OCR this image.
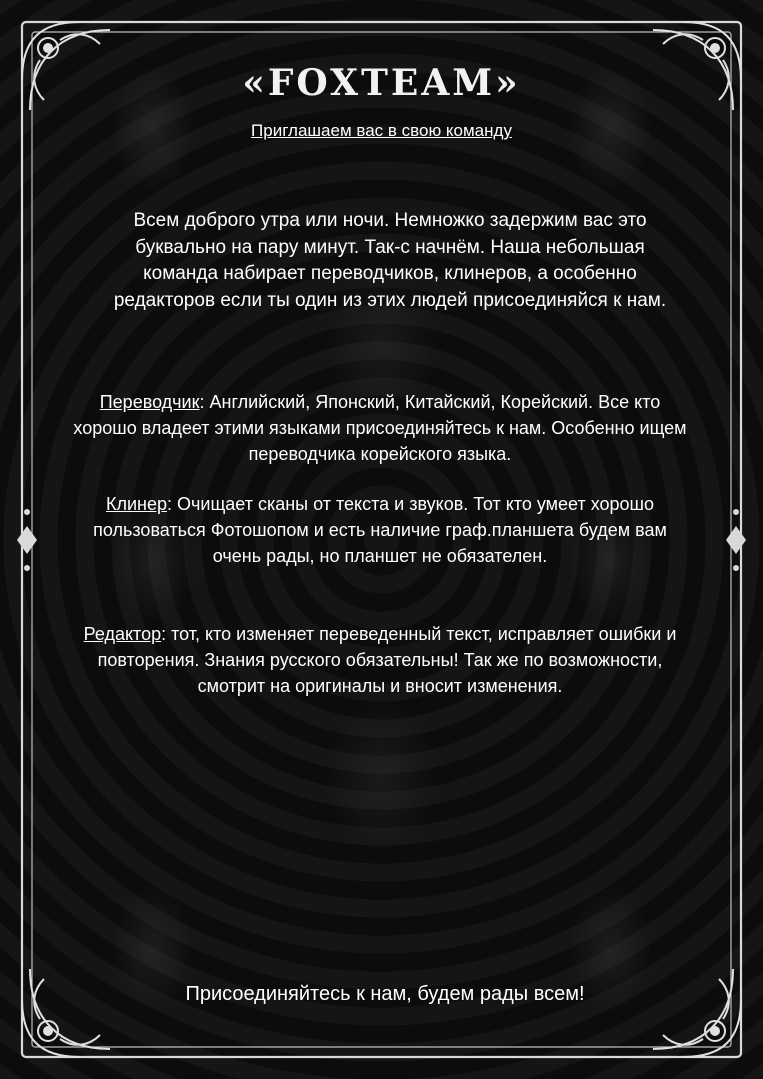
«FOXTEAM»
Приглашаем вас в свою команду
Всем доброго утра или ночи. Немножко задержим вас это буквально на пару минут. Так-с начнём. Наша небольшая команда набирает переводчиков, клинеров, а особенно редакторов если ты один из этих людей присоединяйся к нам.
Переводчик: Английский, Японский, Китайский, Корейский. Все кто хорошо владеет этими языками присоединяйтесь к нам. Особенно ищем переводчика корейского языка.
Клинер: Очищает сканы от текста и звуков. Тот кто умеет хорошо пользоваться Фотошопом и есть наличие граф.планшета будем вам очень рады, но планшет не обязателен.
Редактор: тот, кто изменяет переведенный текст, исправляет ошибки и повторения. Знания русского обязательны! Так же по возможности, смотрит на оригиналы и вносит изменения.
Присоединяйтесь к нам, будем рады всем!
